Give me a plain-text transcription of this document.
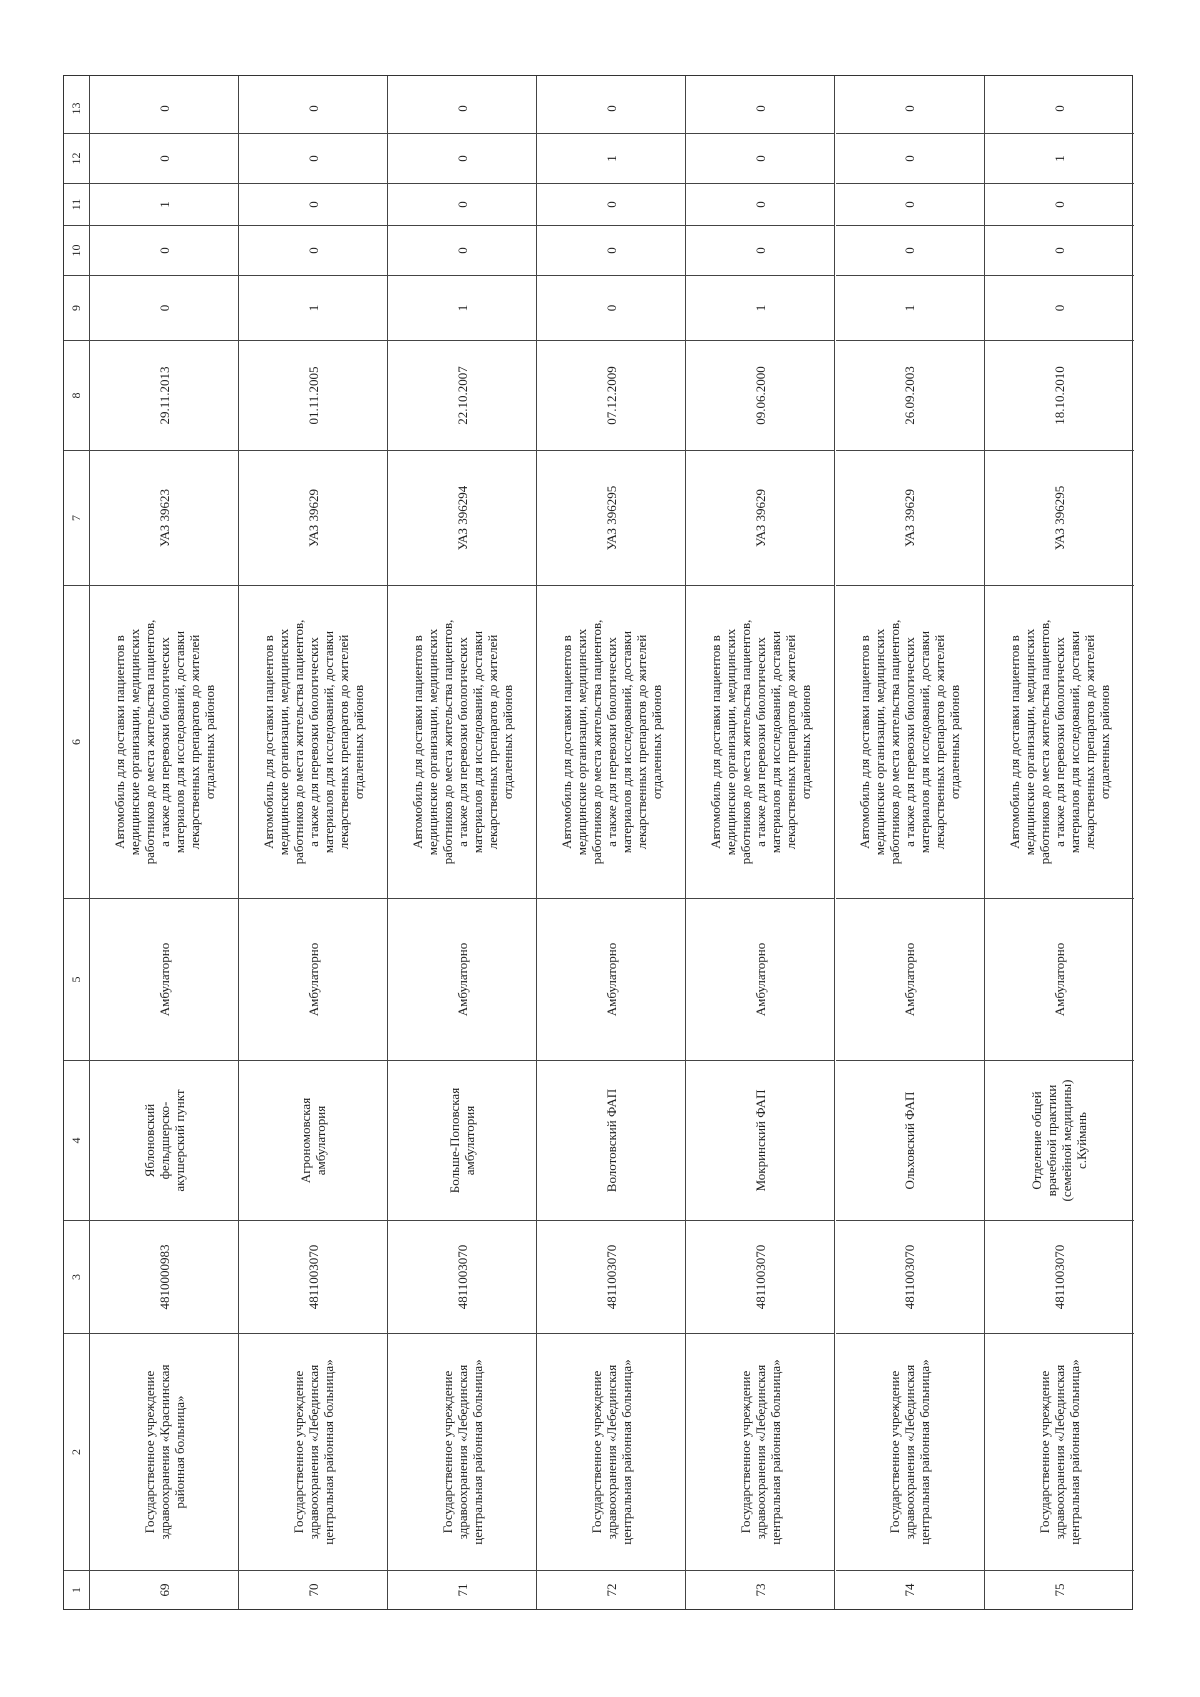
1
2
3
4
5
6
7
8
9
10
11
12
13
69
Государственное учреждение
здравоохранения «Краснинская
районная больница»
4810000983
Яблоновский
фельдшерско-
акушерский пункт
Амбулаторно
Автомобиль для доставки пациентов в
медицинские организации, медицинских
работников до места жительства пациентов,
а также для перевозки биологических
материалов для исследований, доставки
лекарственных препаратов до жителей
отдаленных районов
УАЗ 39623
29.11.2013
0
0
1
0
0
70
Государственное учреждение
здравоохранения «Лебединская
центральная районная больница»
4811003070
Агрономовская
амбулатория
Амбулаторно
Автомобиль для доставки пациентов в
медицинские организации, медицинских
работников до места жительства пациентов,
а также для перевозки биологических
материалов для исследований, доставки
лекарственных препаратов до жителей
отдаленных районов
УАЗ 39629
01.11.2005
1
0
0
0
0
71
Государственное учреждение
здравоохранения «Лебединская
центральная районная больница»
4811003070
Больше-Поповская
амбулатория
Амбулаторно
Автомобиль для доставки пациентов в
медицинские организации, медицинских
работников до места жительства пациентов,
а также для перевозки биологических
материалов для исследований, доставки
лекарственных препаратов до жителей
отдаленных районов
УАЗ 396294
22.10.2007
1
0
0
0
0
72
Государственное учреждение
здравоохранения «Лебединская
центральная районная больница»
4811003070
Волотовский ФАП
Амбулаторно
Автомобиль для доставки пациентов в
медицинские организации, медицинских
работников до места жительства пациентов,
а также для перевозки биологических
материалов для исследований, доставки
лекарственных препаратов до жителей
отдаленных районов
УАЗ 396295
07.12.2009
0
0
0
1
0
73
Государственное учреждение
здравоохранения «Лебединская
центральная районная больница»
4811003070
Мокринский ФАП
Амбулаторно
Автомобиль для доставки пациентов в
медицинские организации, медицинских
работников до места жительства пациентов,
а также для перевозки биологических
материалов для исследований, доставки
лекарственных препаратов до жителей
отдаленных районов
УАЗ 39629
09.06.2000
1
0
0
0
0
74
Государственное учреждение
здравоохранения «Лебединская
центральная районная больница»
4811003070
Ольховский ФАП
Амбулаторно
Автомобиль для доставки пациентов в
медицинские организации, медицинских
работников до места жительства пациентов,
а также для перевозки биологических
материалов для исследований, доставки
лекарственных препаратов до жителей
отдаленных районов
УАЗ 39629
26.09.2003
1
0
0
0
0
75
Государственное учреждение
здравоохранения «Лебединская
центральная районная больница»
4811003070
Отделение общей
врачебной практики
(семейной медицины)
с.Куймань
Амбулаторно
Автомобиль для доставки пациентов в
медицинские организации, медицинских
работников до места жительства пациентов,
а также для перевозки биологических
материалов для исследований, доставки
лекарственных препаратов до жителей
отдаленных районов
УАЗ 396295
18.10.2010
0
0
0
1
0
